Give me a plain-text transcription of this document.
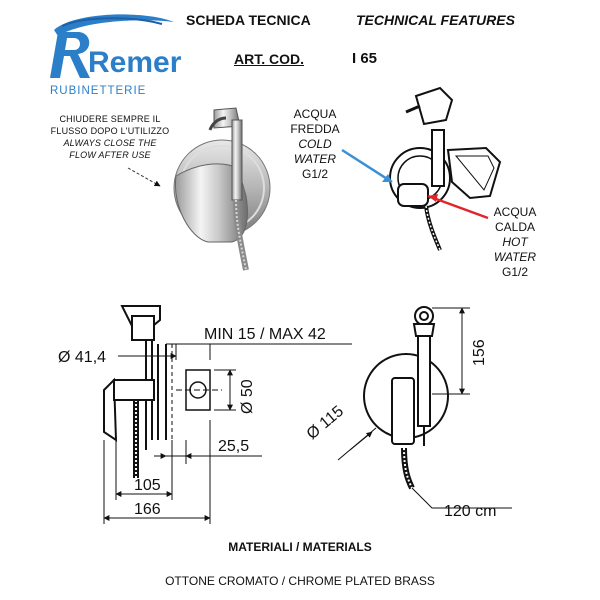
Remer
RUBINETTERIE
SCHEDA TECNICA	TECHNICAL FEATURES
ART. COD.	I 65
CHIUDERE SEMPRE IL
FLUSSO DOPO L'UTILIZZO
ALWAYS CLOSE THE
FLOW AFTER USE
Ø 41,4
MIN 15 / MAX 42
Ø 50
25,5
105
166
156
Ø 115
120 cm
ACQUA
FREDDA
COLD
WATER
G1/2
ACQUA
CALDA
HOT
WATER
G1/2
MATERIALI / MATERIALS
OTTONE CROMATO / CHROME PLATED BRASS
